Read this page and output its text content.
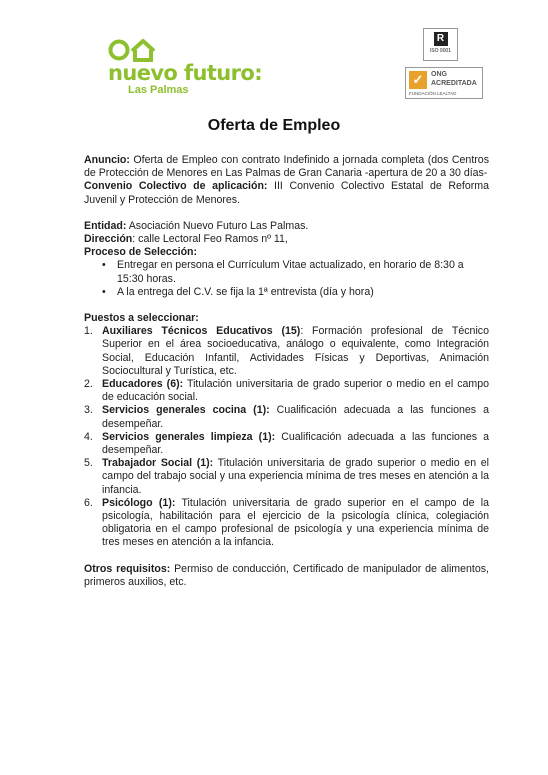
nuevo futuro:
Las Palmas
R
ISO 9001
✓	ONG
ACREDITADA
FUNDACIÓN LEALTAD
Oferta de Empleo

Anuncio: Oferta de Empleo con contrato Indefinido a jornada completa (dos Centros de Protección de Menores en Las Palmas de Gran Canaria -apertura de 20 a 30 días-

Convenio Colectivo de aplicación: III Convenio Colectivo Estatal de Reforma Juvenil y Protección de Menores.

Entidad: Asociación Nuevo Futuro Las Palmas.

Dirección: calle Lectoral Feo Ramos nº 11,

Proceso de Selección:

• Entregar en persona el Currículum Vitae actualizado, en horario de 8:30 a 15:30 horas.
• A la entrega del C.V. se fija la 1ª entrevista (día y hora)

Puestos a seleccionar:

1. Auxiliares Técnicos Educativos (15): Formación profesional de Técnico Superior en el área socioeducativa, análogo o equivalente, como Integración Social, Educación Infantil, Actividades Físicas y Deportivas, Animación Sociocultural y Turística, etc.
2. Educadores (6): Titulación universitaria de grado superior o medio en el campo de educación social.
3. Servicios generales cocina (1): Cualificación adecuada a las funciones a desempeñar.
4. Servicios generales limpieza (1): Cualificación adecuada a las funciones a desempeñar.
5. Trabajador Social (1): Titulación universitaria de grado superior o medio en el campo del trabajo social y una experiencia mínima de tres meses en atención a la infancia.
6. Psicólogo (1): Titulación universitaria de grado superior en el campo de la psicología, habilitación para el ejercicio de la psicología clínica, colegiación obligatoria en el campo profesional de psicología y una experiencia mínima de tres meses en atención a la infancia.

Otros requisitos: Permiso de conducción, Certificado de manipulador de alimentos, primeros auxilios, etc.
